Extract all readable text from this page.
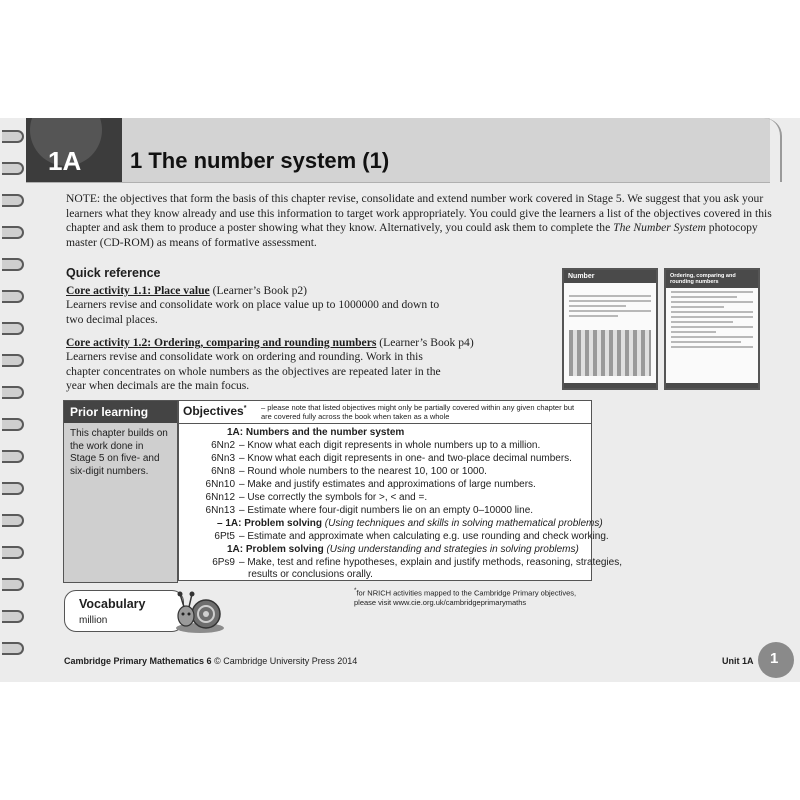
1A 1 The number system (1)

NOTE: the objectives that form the basis of this chapter revise, consolidate and extend number work covered in Stage 5. We suggest that you ask your learners what they know already and use this information to target work appropriately. You could give the learners a list of the objectives covered in this chapter and ask them to produce a poster showing what they know. Alternatively, you could ask them to complete the The Number System photocopy master (CD-ROM) as means of formative assessment.

Quick reference
Core activity 1.1: Place value (Learner’s Book p2)

Learners revise and consolidate work on place value up to 1000000 and down to two decimal places.

Core activity 1.2: Ordering, comparing and rounding numbers (Learner’s Book p4)

Learners revise and consolidate work on ordering and rounding. Work in this chapter concentrates on whole numbers as the objectives are repeated later in the year when decimals are the main focus.

Number	Ordering, comparing and rounding numbers
Prior learning

This chapter builds on the work done in Stage 5 on five- and six-digit numbers.

Objectives* – please note that listed objectives might only be partially covered within any given chapter but are covered fully across the book when taken as a whole
1A: Numbers and the number system
6Nn2 – Know what each digit represents in whole numbers up to a million.
6Nn3 – Know what each digit represents in one- and two-place decimal numbers.
6Nn8 – Round whole numbers to the nearest 10, 100 or 1000.
6Nn10 – Make and justify estimates and approximations of large numbers.
6Nn12 – Use correctly the symbols for >, < and =.
6Nn13 – Estimate where four-digit numbers lie on an empty 0–10000 line.
– 1A: Problem solving (Using techniques and skills in solving mathematical problems)
6Pt5 – Estimate and approximate when calculating e.g. use rounding and check working.
1A: Problem solving (Using understanding and strategies in solving problems)
6Ps9 – Make, test and refine hypotheses, explain and justify methods, reasoning, strategies,
results or conclusions orally.
*for NRICH activities mapped to the Cambridge Primary objectives,
please visit www.cie.org.uk/cambridgeprimarymaths
Vocabulary
million
Cambridge Primary Mathematics 6 © Cambridge University Press 2014	Unit 1A 1
